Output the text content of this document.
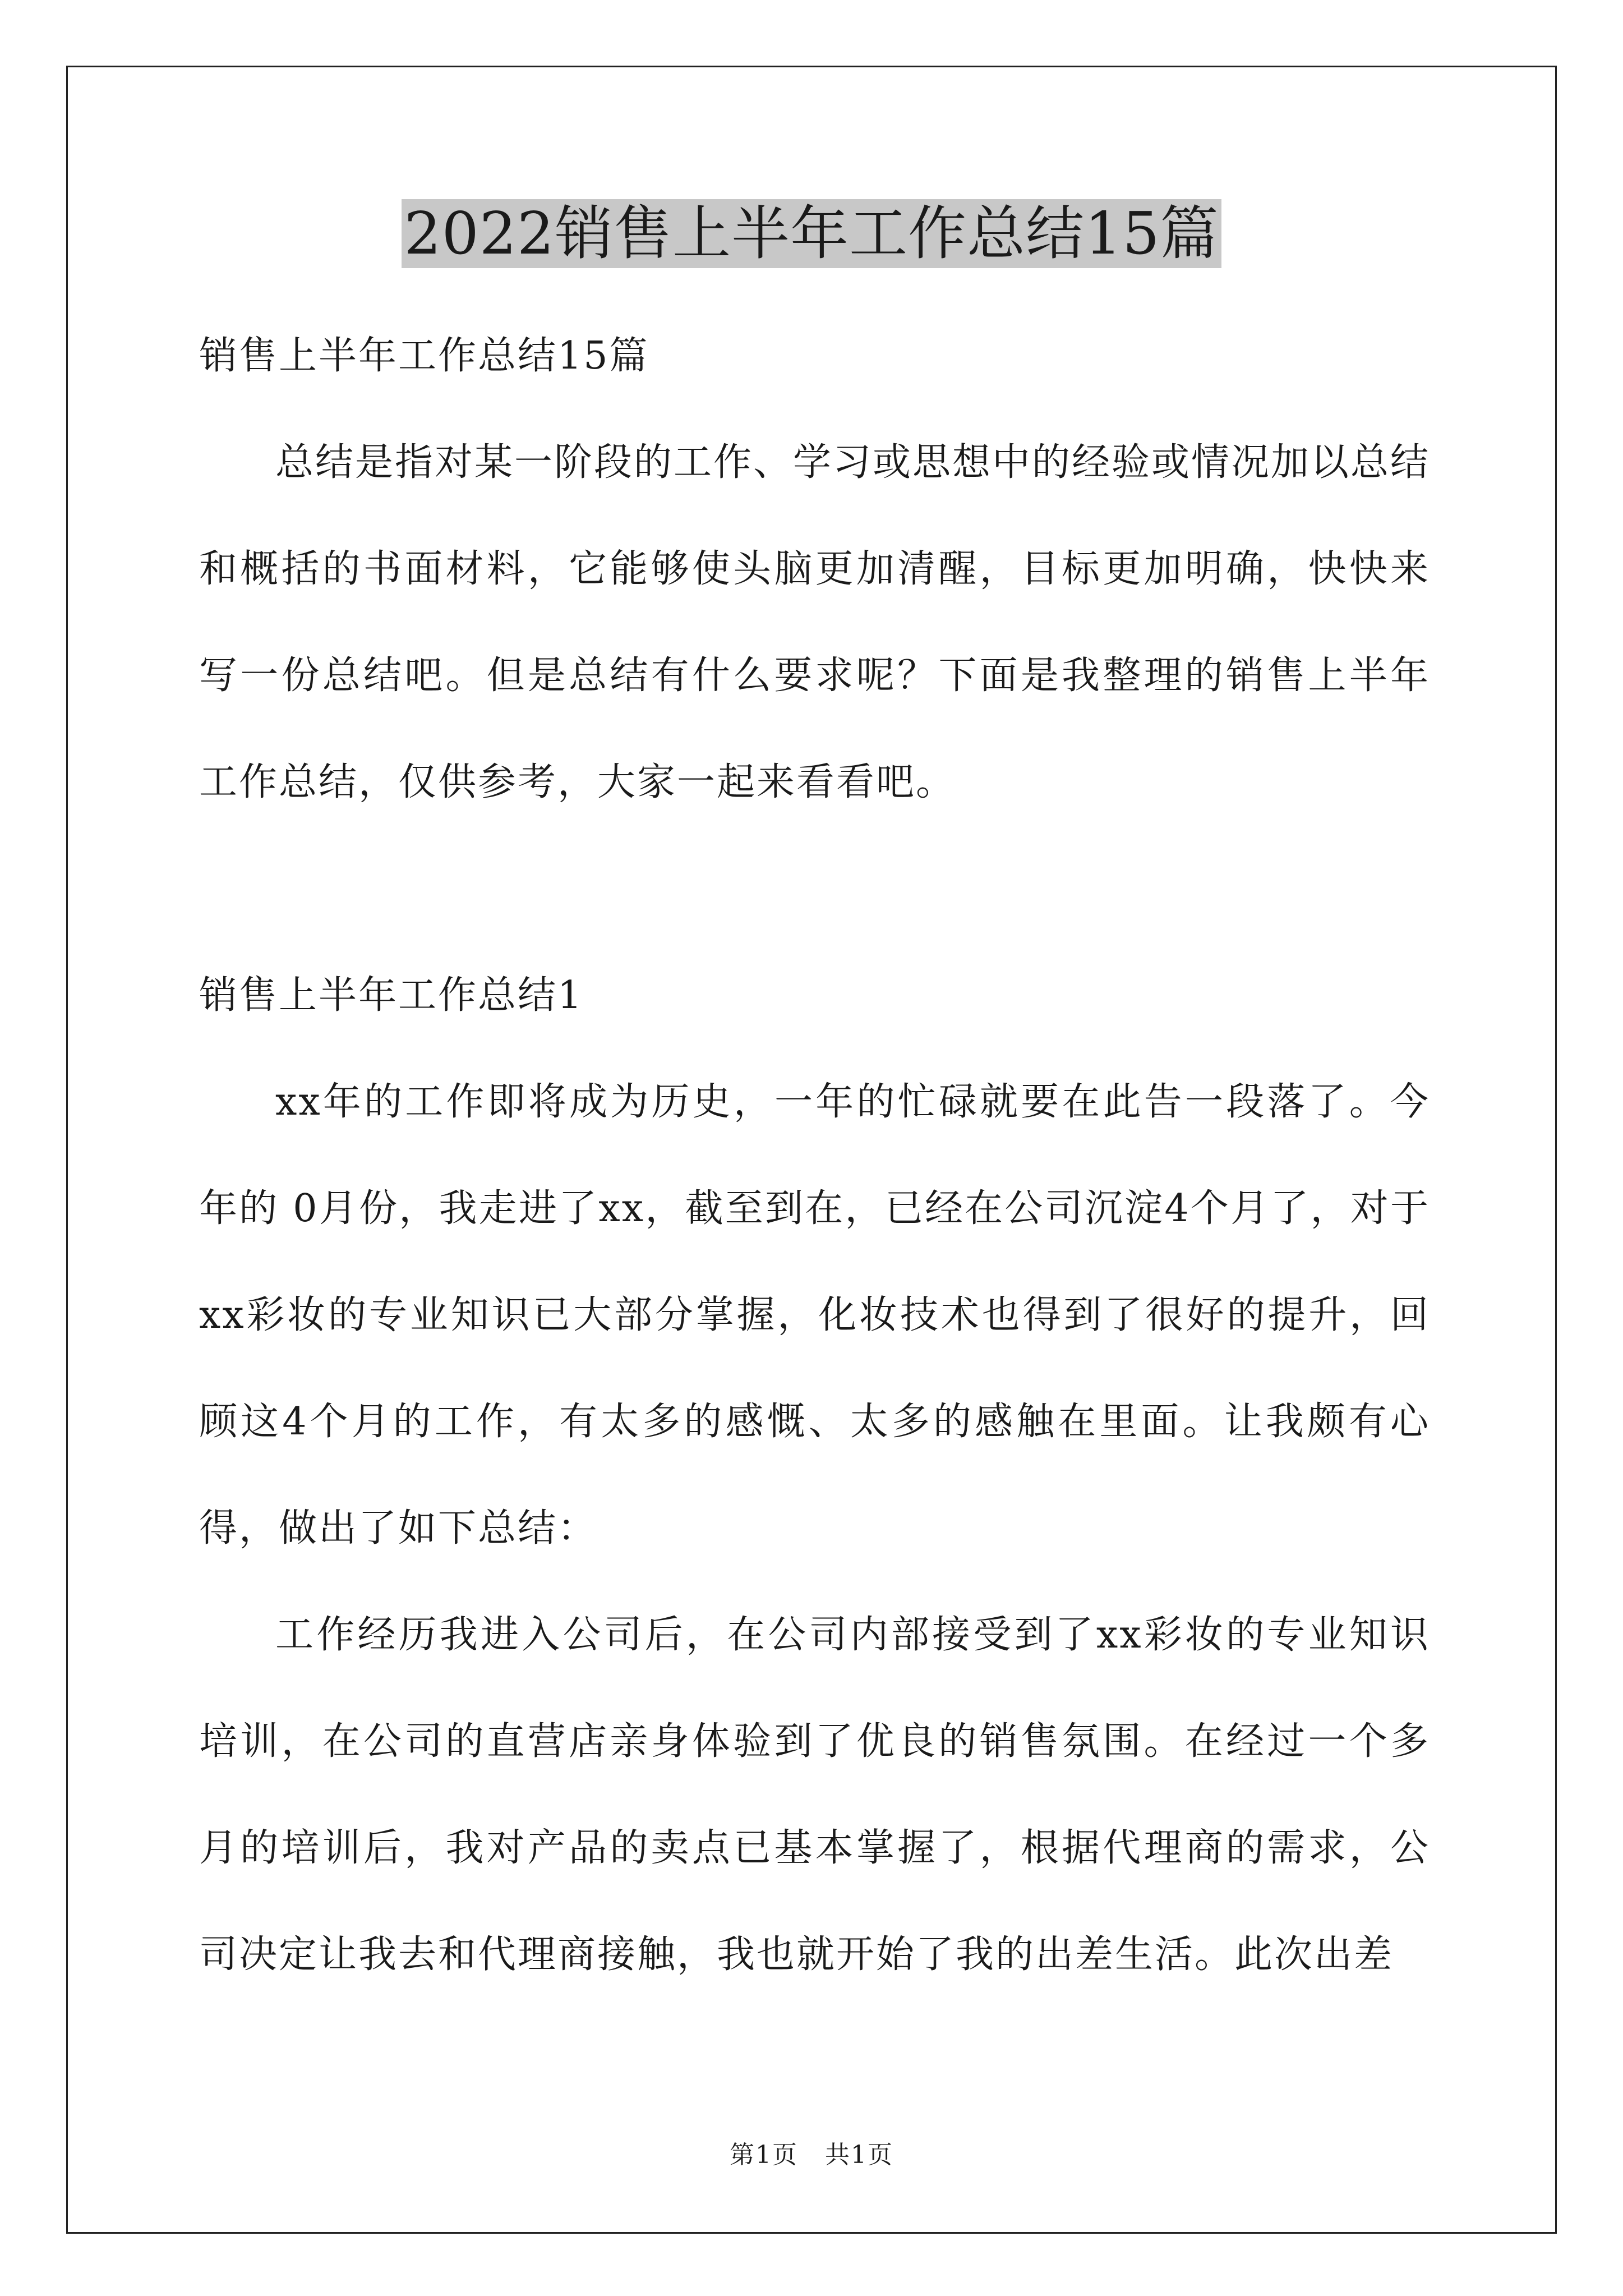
2022销售上半年工作总结15篇

销售上半年工作总结15篇

总结是指对某一阶段的工作、学习或思想中的经验或情况加以总结和概括的书面材料，它能够使头脑更加清醒，目标更加明确，快快来写一份总结吧。但是总结有什么要求呢？下面是我整理的销售上半年工作总结，仅供参考，大家一起来看看吧。

销售上半年工作总结1

xx年的工作即将成为历史，一年的忙碌就要在此告一段落了。今年的 0月份，我走进了xx，截至到在，已经在公司沉淀4个月了，对于xx彩妆的专业知识已大部分掌握，化妆技术也得到了很好的提升，回顾这4个月的工作，有太多的感慨、太多的感触在里面。让我颇有心得，做出了如下总结：

工作经历我进入公司后，在公司内部接受到了xx彩妆的专业知识培训，在公司的直营店亲身体验到了优良的销售氛围。在经过一个多月的培训后，我对产品的卖点已基本掌握了，根据代理商的需求，公司决定让我去和代理商接触，我也就开始了我的出差生活。此次出差

第1页 共1页
